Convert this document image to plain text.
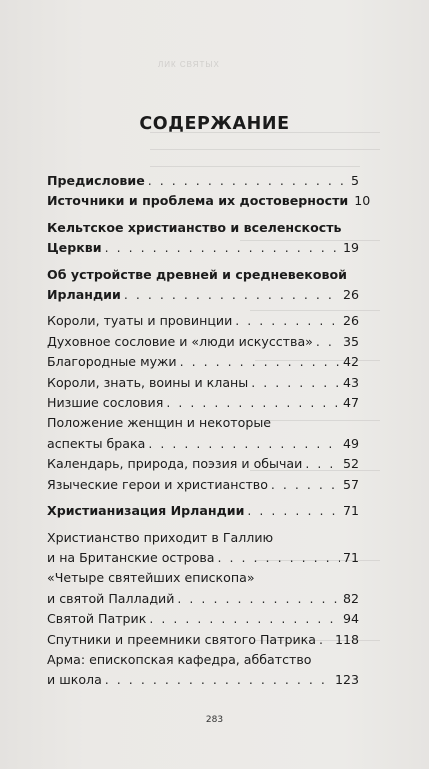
ЛИК СВЯТЫХ
СОДЕРЖАНИЕ
Предисловие . . .	5
Источники и проблема их достоверности 10
Кельтское христианство и вселенскость
Церкви . . .	19
Об устройстве древней и средневековой
Ирландии . . .	26
Короли, туаты и провинции . . .	26
Духовное сословие и «люди искусства» . . . 35
Благородные мужи . . .	42
Короли, знать, воины и кланы . . .	43
Низшие сословия . . .	47
Положение женщин и некоторые
аспекты брака . . .	49
Календарь, природа, поэзия и обычаи . . .	52
Языческие герои и христианство . . .	57
Христианизация Ирландии . . .	71
Христианство приходит в Галлию
и на Британские острова . . .	71
«Четыре святейших епископа»
и святой Палладий . . .	82
Святой Патрик . . .	94
Спутники и преемники святого Патрика . . . 118
Арма: епископская кафедра, аббатство
и школа . . .	123
283
